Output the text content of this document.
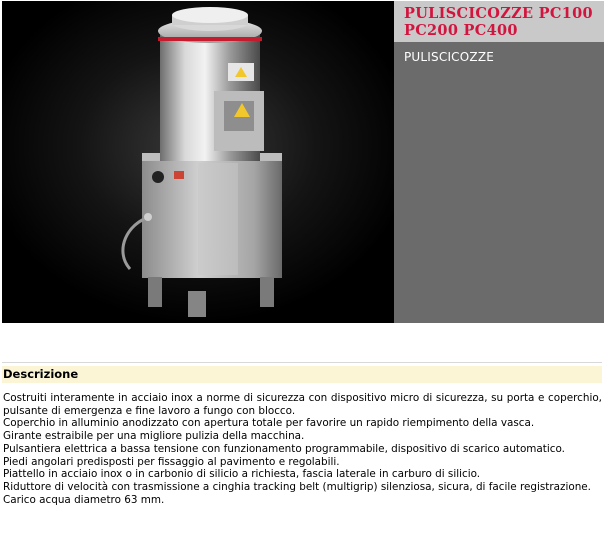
PULISCICOZZE PC100
PC200 PC400
PULISCICOZZE
Descrizione

Costruiti interamente in acciaio inox a norme di sicurezza con dispositivo micro di sicurezza, su porta e coperchio, pulsante di emergenza e fine lavoro a fungo con blocco.

Coperchio in alluminio anodizzato con apertura totale per favorire un rapido riempimento della vasca.

Girante estraibile per una migliore pulizia della macchina.

Pulsantiera elettrica a bassa tensione con funzionamento programmabile, dispositivo di scarico automatico.

Piedi angolari predisposti per fissaggio al pavimento e regolabili.

Piattello in acciaio inox o in carbonio di silicio a richiesta, fascia laterale in carburo di silicio.

Riduttore di velocità con trasmissione a cinghia tracking belt (multigrip) silenziosa, sicura, di facile registrazione.

Carico acqua diametro 63 mm.
